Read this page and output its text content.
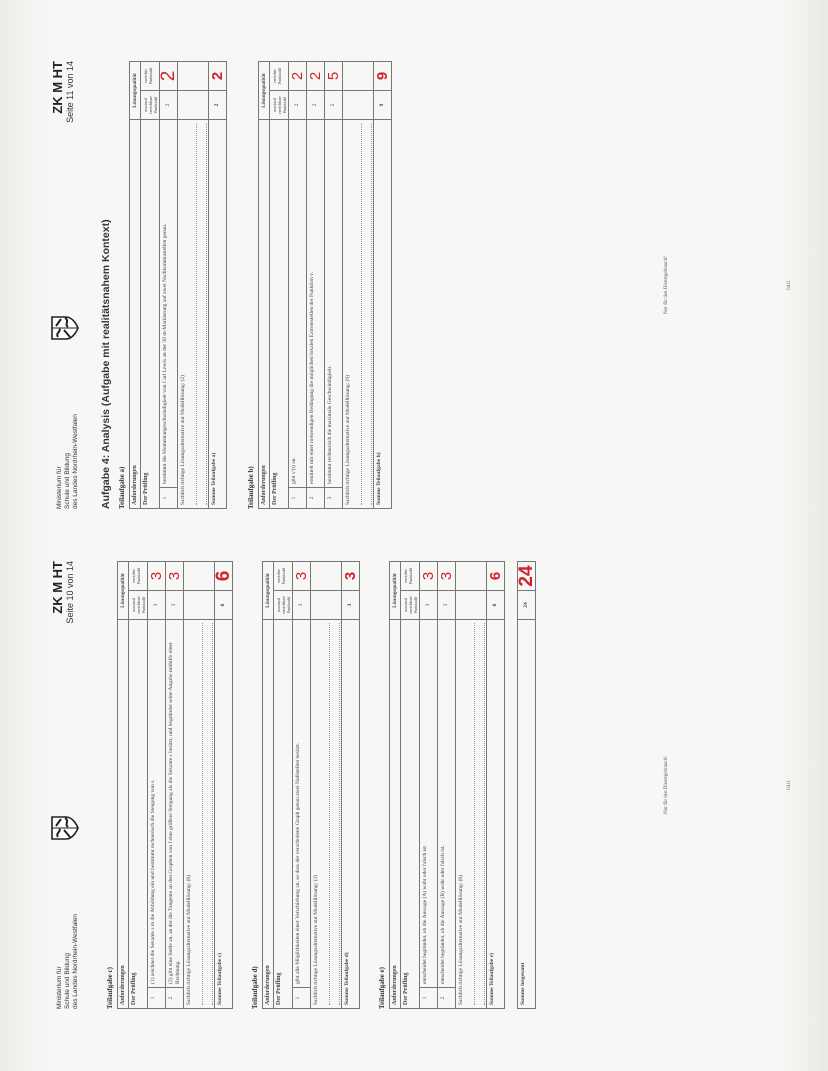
Ministerium für Schule und Bildung des Landes Nordrhein-Westfalen
ZK M HT Seite 10 von 14
Teilaufgabe c) Anforderungen		Lösungsqualität	
Der Prüfling		maximal erreichbare Punktzahl	erreichte Punktzahl
1	(1) zeichnet die Sekante s in die Abbildung ein und bestimmt rechnerisch die Steigung von s.	3	3
2	(2) gibt eine Stelle an, an der die Tangente an den Graphen von f eine größere Steigung als die Sekante s besitzt, und begründet seine Angabe mithilfe einer Rechnung.	3	3

Sachlich richtige Lösungsalternative zur Modelllösung: (6)			

Summe Teilaufgabe c)		6	6
Teilaufgabe d) Anforderungen		Lösungsqualität	
Der Prüfling		maximal erreichbare Punktzahl	erreichte Punktzahl
1	gibt alle Möglichkeiten einer Verschiebung an, so dass der verschobene Graph genau zwei Nullstellen besitzt.	3	3

Sachlich richtige Lösungsalternative zur Modelllösung: (3)			

Summe Teilaufgabe d)		3	3
Teilaufgabe e) Anforderungen		Lösungsqualität	
Der Prüfling		maximal erreichbare Punktzahl	erreichte Punktzahl
1	entscheidet begründet, ob die Aussage (A) wahr oder falsch ist.	3	3
2	entscheidet begründet, ob die Aussage (B) wahr oder falsch ist.	3	3

Sachlich richtige Lösungsalternative zur Modelllösung: (6)			

Summe Teilaufgabe e)		6	6
Summe insgesamt	24	24
Nur für den Dienstgebrauch!	0411
Ministerium für Schule und Bildung des Landes Nordrhein-Westfalen
ZK M HT Seite 11 von 14
Aufgabe 4: Analysis (Aufgabe mit realitätsnahem Kontext) Teilaufgabe a) Anforderungen		Lösungsqualität	
Der Prüfling		maximal erreichbare Punktzahl	erreichte Punktzahl
1	bestimmt die Momentangeschwindigkeit von Carl Lewis an der 50 m-Markierung auf zwei Nachkommastellen genau.	2	2

Sachlich richtige Lösungsalternative zur Modelllösung: (2)			

Summe Teilaufgabe a)		2	2
Teilaufgabe b) Anforderungen		Lösungsqualität	
Der Prüfling		maximal erreichbare Punktzahl	erreichte Punktzahl
1	gibt v'(t) an.	2	2
2	ermittelt mit einer notwendigen Bedingung die möglichen lokalen Extremstellen der Funktion v.	2	2
3	bestimmt rechnerisch die maximale Geschwindigkeit.	5	5

Sachlich richtige Lösungsalternative zur Modelllösung: (9)			

Summe Teilaufgabe b)		9	9
Nur für den Dienstgebrauch!	0411
